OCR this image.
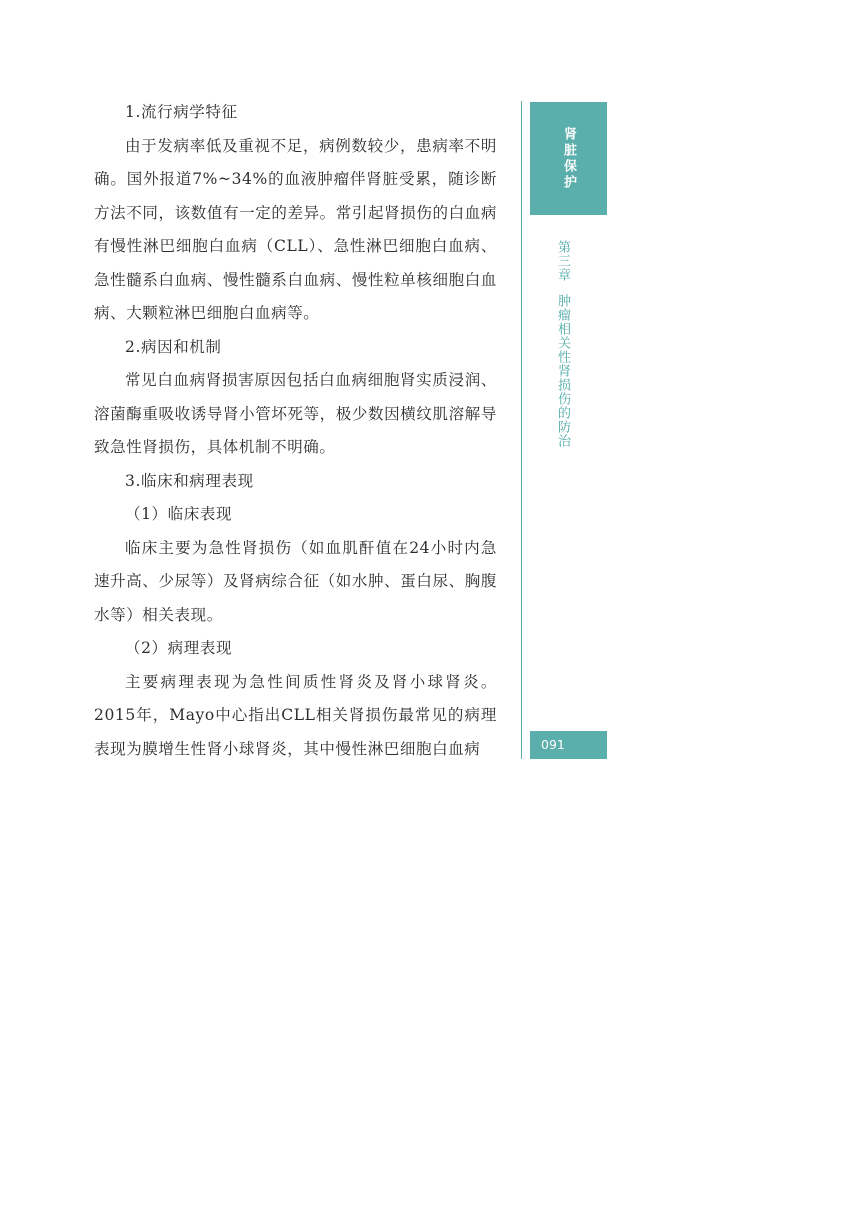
1.流行病学特征

由于发病率低及重视不足，病例数较少，患病率不明确。国外报道7%~34%的血液肿瘤伴肾脏受累，随诊断方法不同，该数值有一定的差异。常引起肾损伤的白血病有慢性淋巴细胞白血病（CLL）、急性淋巴细胞白血病、急性髓系白血病、慢性髓系白血病、慢性粒单核细胞白血病、大颗粒淋巴细胞白血病等。

2.病因和机制

常见白血病肾损害原因包括白血病细胞肾实质浸润、溶菌酶重吸收诱导肾小管坏死等，极少数因横纹肌溶解导致急性肾损伤，具体机制不明确。

3.临床和病理表现

（1）临床表现

临床主要为急性肾损伤（如血肌酐值在24小时内急速升高、少尿等）及肾病综合征（如水肿、蛋白尿、胸腹水等）相关表现。

（2）病理表现

主要病理表现为急性间质性肾炎及肾小球肾炎。2015年，Mayo中心指出CLL相关肾损伤最常见的病理表现为膜增生性肾小球肾炎，其中慢性淋巴细胞白血病

肾脏保护
第三章肿瘤相关性肾损伤的防治
091
